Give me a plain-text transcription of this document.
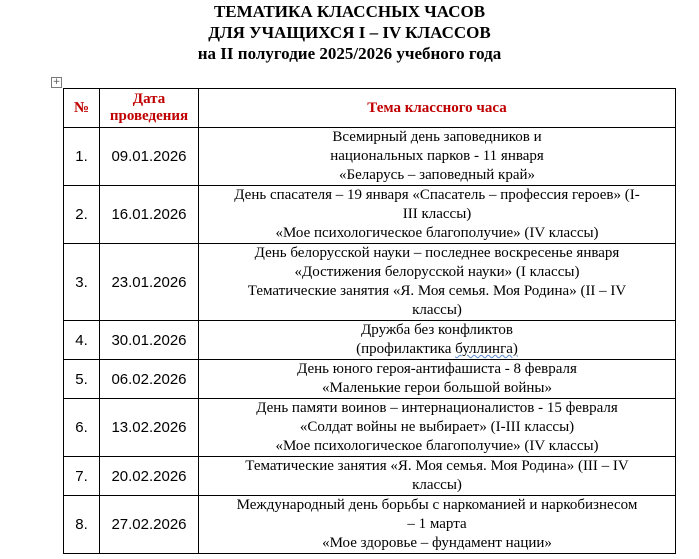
ТЕМАТИКА КЛАССНЫХ ЧАСОВ
ДЛЯ УЧАЩИХСЯ I – IV КЛАССОВ
на II полугодие 2025/2026 учебного года
+
№	Дата проведения	Тема классного часа
1.	09.01.2026	Всемирный день заповедников и
национальных парков - 11 января
«Беларусь – заповедный край»

2.	16.01.2026	День спасателя – 19 января «Спасатель – профессия героев» (I-
III классы)
«Мое психологическое благополучие» (IV классы)

3.	23.01.2026	День белорусской науки – последнее воскресенье января
«Достижения белорусской науки» (I классы)
Тематические занятия «Я. Моя семья. Моя Родина» (II – IV
классы)

4.	30.01.2026	Дружба без конфликтов
(профилактика буллинга)

5.	06.02.2026	День юного героя-антифашиста - 8 февраля
«Маленькие герои большой войны»

6.	13.02.2026	День памяти воинов – интернационалистов - 15 февраля
«Солдат войны не выбирает» (I-III классы)
«Мое психологическое благополучие» (IV классы)

7.	20.02.2026	Тематические занятия «Я. Моя семья. Моя Родина» (III – IV
классы)

8.	27.02.2026	Международный день борьбы с наркоманией и наркобизнесом
– 1 марта
«Мое здоровье – фундамент нации»
